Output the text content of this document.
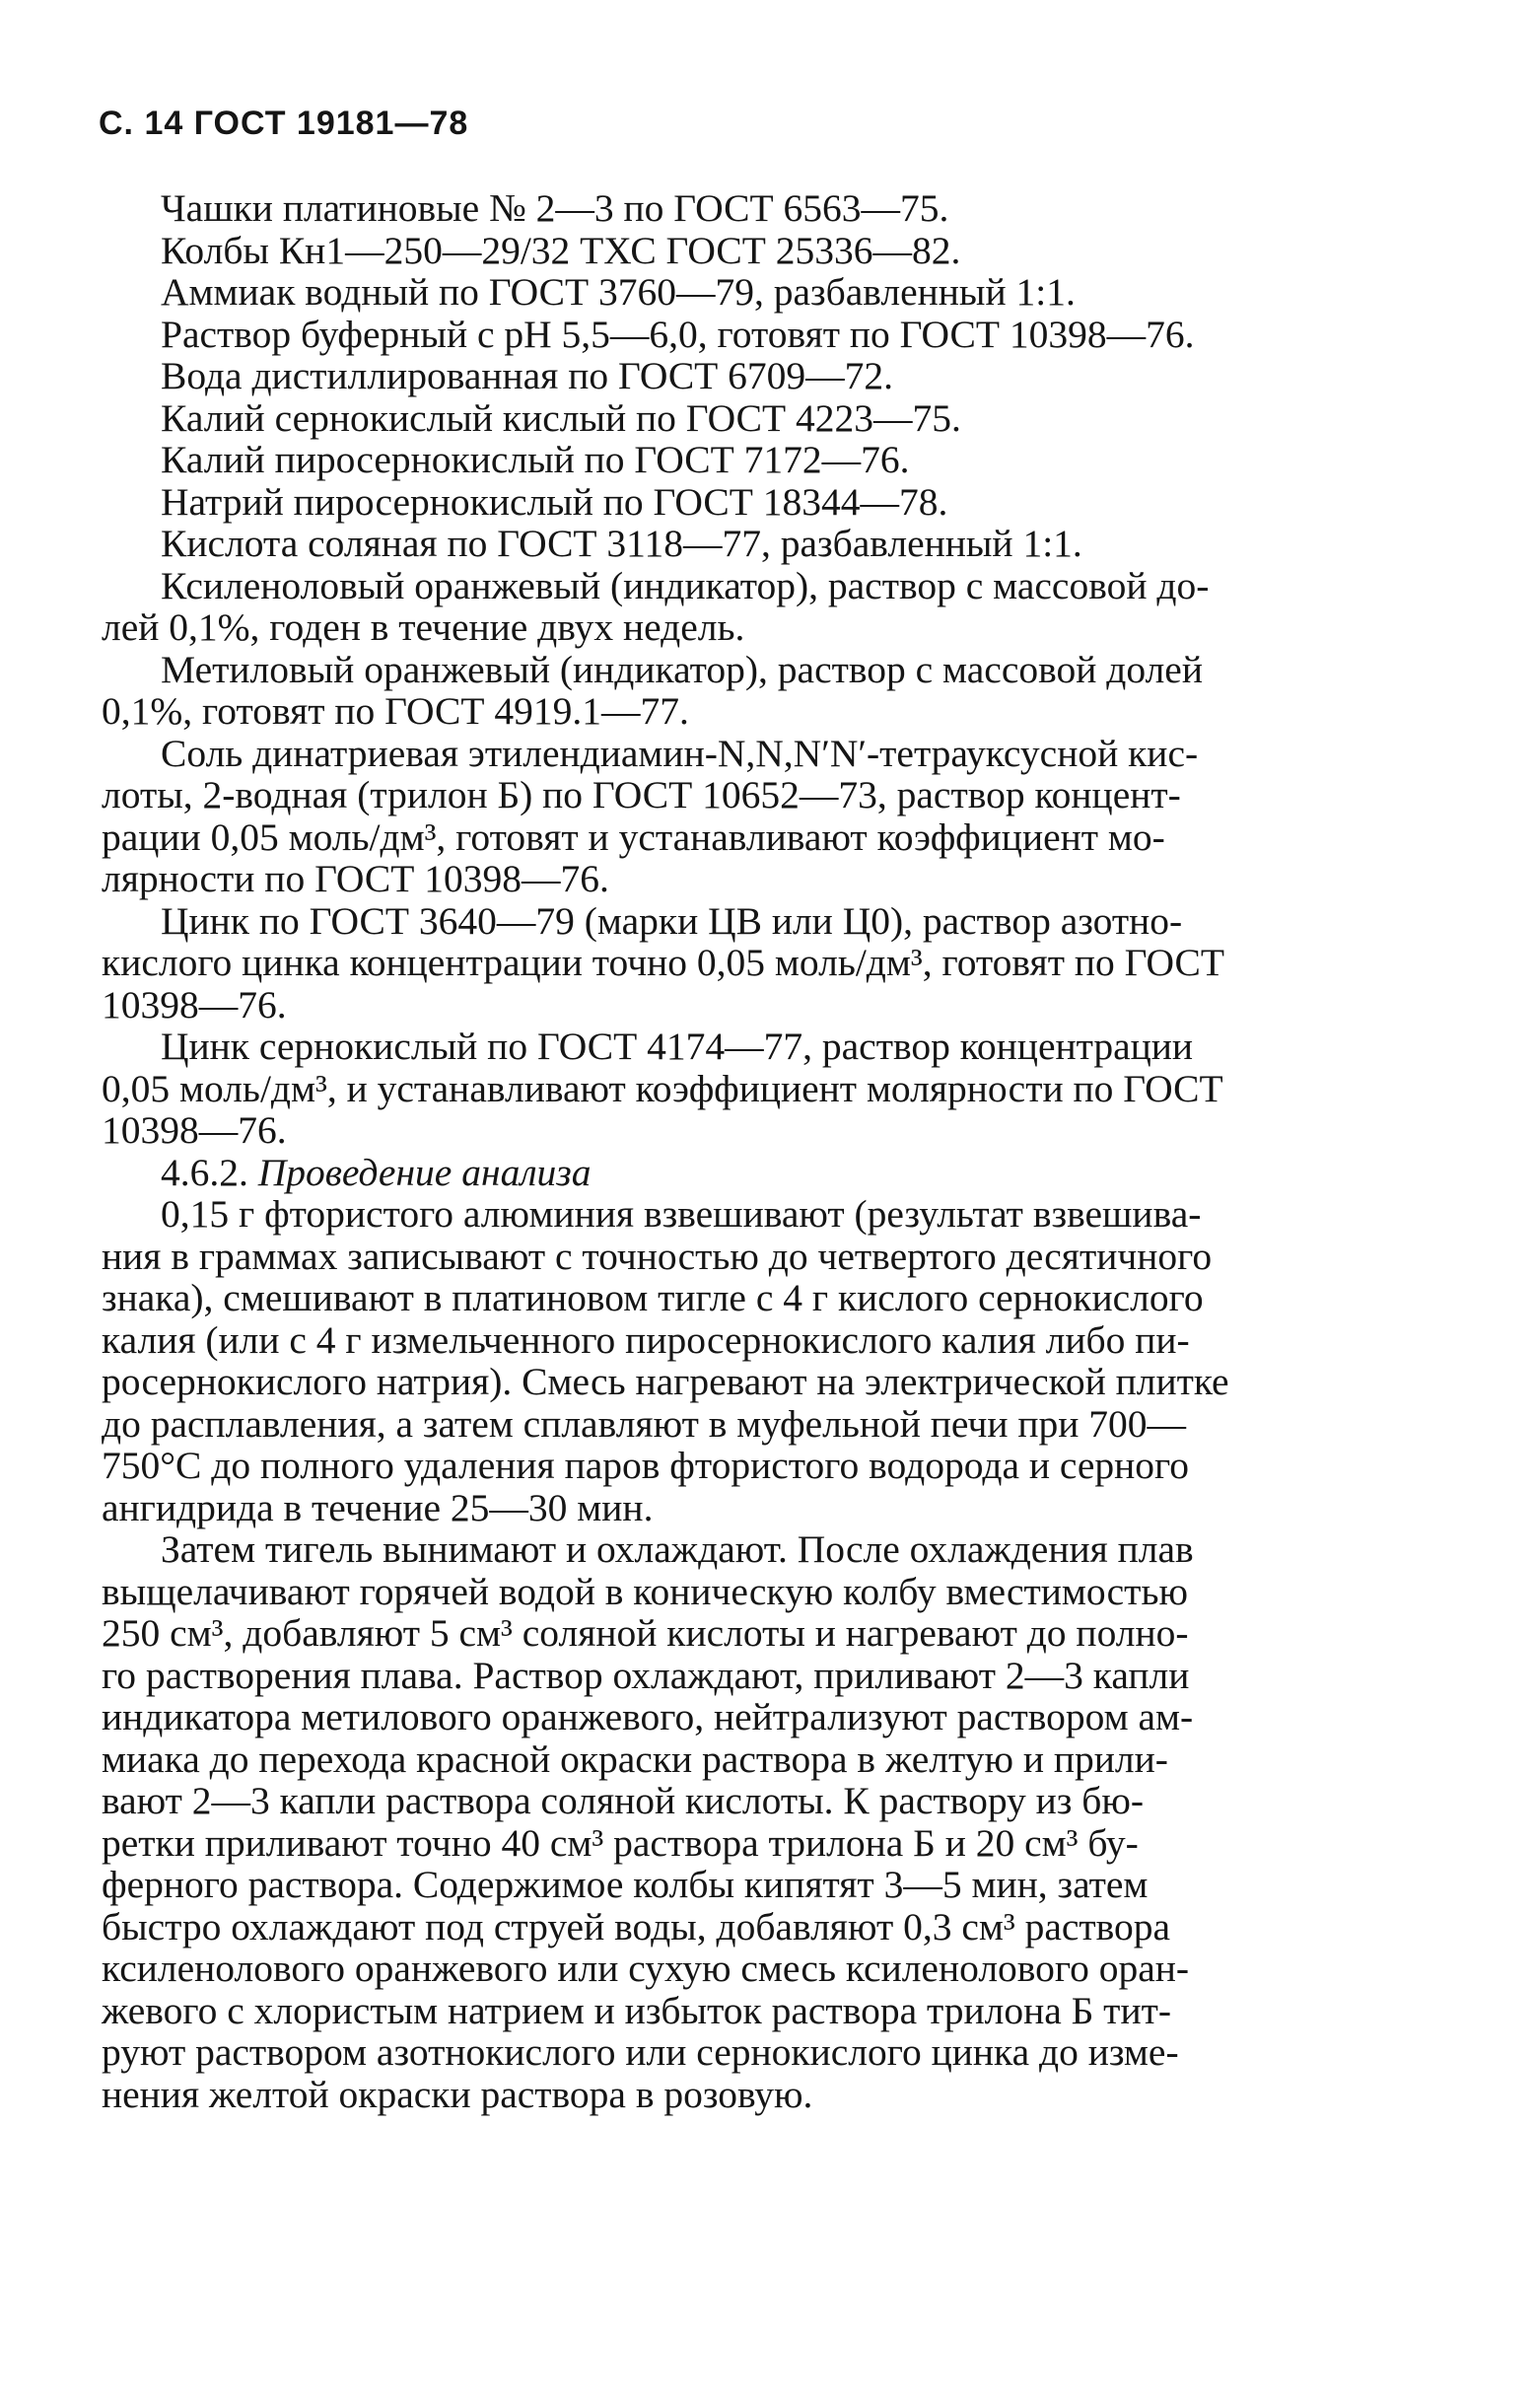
С. 14 ГОСТ 19181—78
Чашки платиновые № 2—3 по ГОСТ 6563—75.
Колбы Кн1—250—29/32 ТХС ГОСТ 25336—82.
Аммиак водный по ГОСТ 3760—79, разбавленный 1:1.
Раствор буферный с рН 5,5—6,0, готовят по ГОСТ 10398—76.
Вода дистиллированная по ГОСТ 6709—72.
Калий сернокислый кислый по ГОСТ 4223—75.
Калий пиросернокислый по ГОСТ 7172—76.
Натрий пиросернокислый по ГОСТ 18344—78.
Кислота соляная по ГОСТ 3118—77, разбавленный 1:1.
Ксиленоловый оранжевый (индикатор), раствор с массовой до-
лей 0,1%, годен в течение двух недель.
Метиловый оранжевый (индикатор), раствор с массовой долей
0,1%, готовят по ГОСТ 4919.1—77.
Соль динатриевая этилендиамин-N,N,N′N′-тетрауксусной кис-
лоты, 2-водная (трилон Б) по ГОСТ 10652—73, раствор концент-
рации 0,05 моль/дм³, готовят и устанавливают коэффициент мо-
лярности по ГОСТ 10398—76.
Цинк по ГОСТ 3640—79 (марки ЦВ или Ц0), раствор азотно-
кислого цинка концентрации точно 0,05 моль/дм³, готовят по ГОСТ
10398—76.
Цинк сернокислый по ГОСТ 4174—77, раствор концентрации
0,05 моль/дм³, и устанавливают коэффициент молярности по ГОСТ
10398—76.
4.6.2. Проведение анализа
0,15 г фтористого алюминия взвешивают (результат взвешива-
ния в граммах записывают с точностью до четвертого десятичного
знака), смешивают в платиновом тигле с 4 г кислого сернокислого
калия (или с 4 г измельченного пиросернокислого калия либо пи-
росернокислого натрия). Смесь нагревают на электрической плитке
до расплавления, а затем сплавляют в муфельной печи при 700—
750°С до полного удаления паров фтористого водорода и серного
ангидрида в течение 25—30 мин.
Затем тигель вынимают и охлаждают. После охлаждения плав
выщелачивают горячей водой в коническую колбу вместимостью
250 см³, добавляют 5 см³ соляной кислоты и нагревают до полно-
го растворения плава. Раствор охлаждают, приливают 2—3 капли
индикатора метилового оранжевого, нейтрализуют раствором ам-
миака до перехода красной окраски раствора в желтую и прили-
вают 2—3 капли раствора соляной кислоты. К раствору из бю-
ретки приливают точно 40 см³ раствора трилона Б и 20 см³ бу-
ферного раствора. Содержимое колбы кипятят 3—5 мин, затем
быстро охлаждают под струей воды, добавляют 0,3 см³ раствора
ксиленолового оранжевого или сухую смесь ксиленолового оран-
жевого с хлористым натрием и избыток раствора трилона Б тит-
руют раствором азотнокислого или сернокислого цинка до изме-
нения желтой окраски раствора в розовую.
